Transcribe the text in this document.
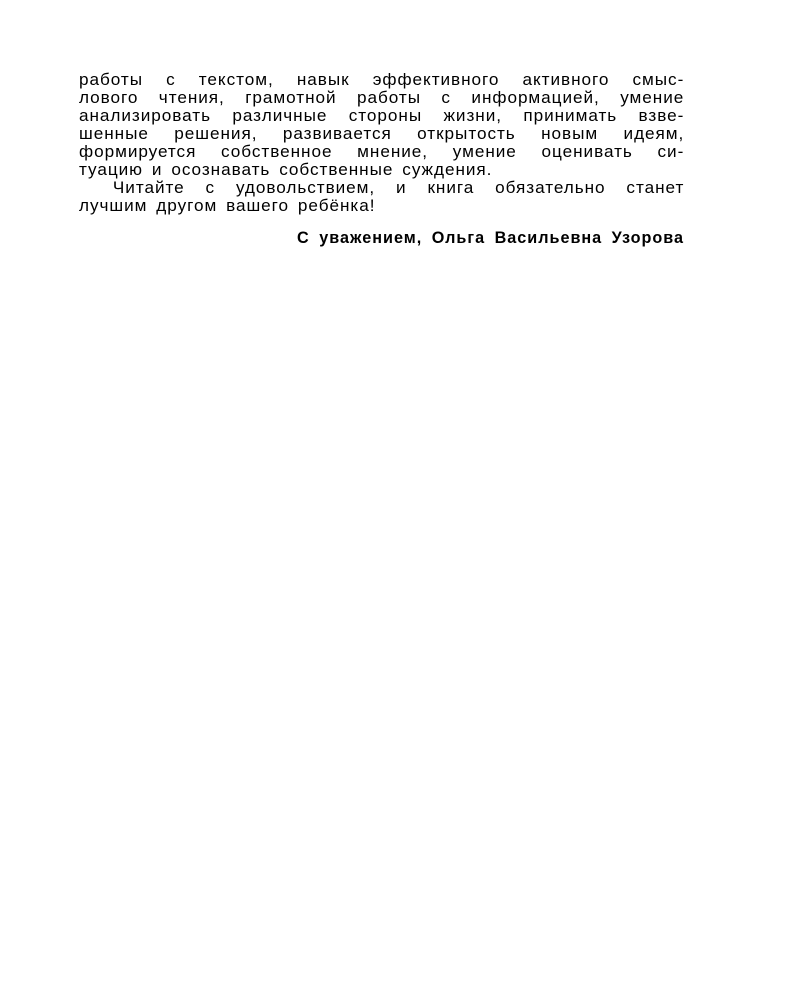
работы с текстом, навык эффективного активного смыс-
лового чтения, грамотной работы с информацией, умение
анализировать различные стороны жизни, принимать взве-
шенные решения, развивается открытость новым идеям,
формируется собственное мнение, умение оценивать си-
туацию и осознавать собственные суждения.
Читайте с удовольствием, и книга обязательно станет
лучшим другом вашего ребёнка!
С уважением, Ольга Васильевна Узорова
